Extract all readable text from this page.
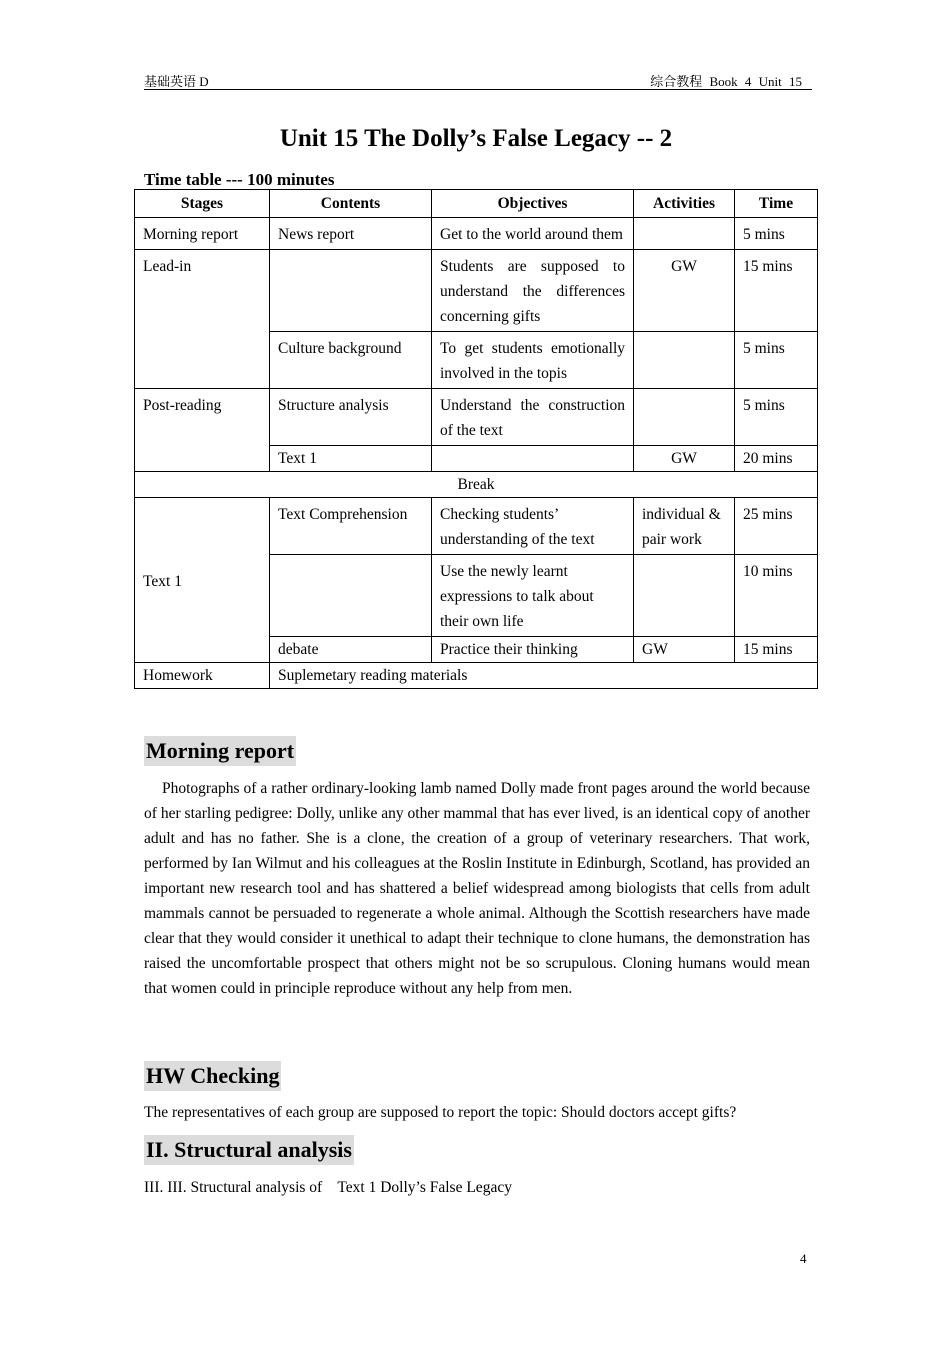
基础英语 D	综合教程 Book 4 Unit 15
Unit 15 The Dolly’s False Legacy -- 2
Time table --- 100 minutes
Stages	Contents	Objectives	Activities	Time
Morning report	News report	Get to the world around them		5 mins
Lead-in		Students are supposed to understand the differences concerning gifts	GW	15 mins
	Culture background	To get students emotionally involved in the topis		5 mins
Post-reading	Structure analysis	Understand the construction of the text		5 mins
	Text 1		GW	20 mins
Break				
Text 1	Text Comprehension	Checking students’ understanding of the text	individual & pair work	25 mins
		Use the newly learnt expressions to talk about their own life		10 mins
	debate	Practice their thinking	GW	15 mins
Homework	Suplemetary reading materials			
Morning report
Photographs of a rather ordinary-looking lamb named Dolly made front pages around the world because of her starling pedigree: Dolly, unlike any other mammal that has ever lived, is an identical copy of another adult and has no father. She is a clone, the creation of a group of veterinary researchers. That work, performed by Ian Wilmut and his colleagues at the Roslin Institute in Edinburgh, Scotland, has provided an important new research tool and has shattered a belief widespread among biologists that cells from adult mammals cannot be persuaded to regenerate a whole animal. Although the Scottish researchers have made clear that they would consider it unethical to adapt their technique to clone humans, the demonstration has raised the uncomfortable prospect that others might not be so scrupulous. Cloning humans would mean that women could in principle reproduce without any help from men.
HW Checking
The representatives of each group are supposed to report the topic: Should doctors accept gifts?
II. Structural analysis
III. III. Structural analysis of    Text 1 Dolly’s False Legacy
4
